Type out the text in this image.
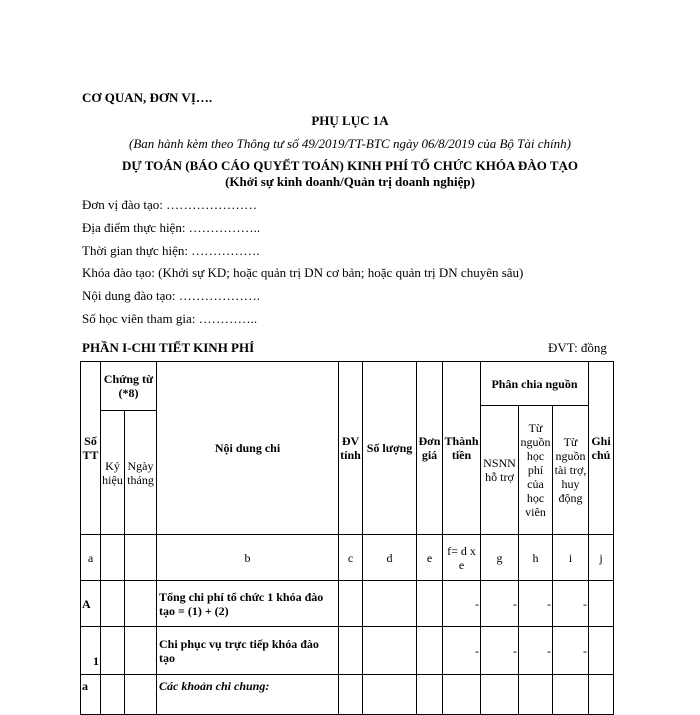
CƠ QUAN, ĐƠN VỊ….
PHỤ LỤC 1A
(Ban hành kèm theo Thông tư số 49/2019/TT-BTC ngày 06/8/2019 của Bộ Tài chính)
DỰ TOÁN (BÁO CÁO QUYẾT TOÁN) KINH PHÍ TỔ CHỨC KHÓA ĐÀO TẠO
(Khởi sự kinh doanh/Quản trị doanh nghiệp)
Đơn vị đào tạo: …………………
Địa điểm thực hiện: ……………..
Thời gian thực hiện: …………….
Khóa đào tạo: (Khởi sự KD; hoặc quản trị DN cơ bản; hoặc quản trị DN chuyên sâu)
Nội dung đào tạo: ……………….
Số học viên tham gia: …………..
PHẦN I-CHI TIẾT KINH PHÍ	ĐVT: đồng
Số TT	Chứng từ (*8)		Nội dung chi	ĐV tính	Số lượng	Đơn giá	Thành tiền	Phân chia nguồn			Ghi chú
								NSNN hỗ trợ	Từ nguồn học phí của học viên	Từ nguồn tài trợ, huy động	
	Ký hiệu	Ngày tháng									
a			b	c	d	e	f= d x e	g	h	i	j
A			Tổng chi phí tổ chức 1 khóa đào tạo = (1) + (2)				-	-	-	-	
1			Chi phục vụ trực tiếp khóa đào tạo				-	-	-	-	
a			Các khoản chi chung:								
